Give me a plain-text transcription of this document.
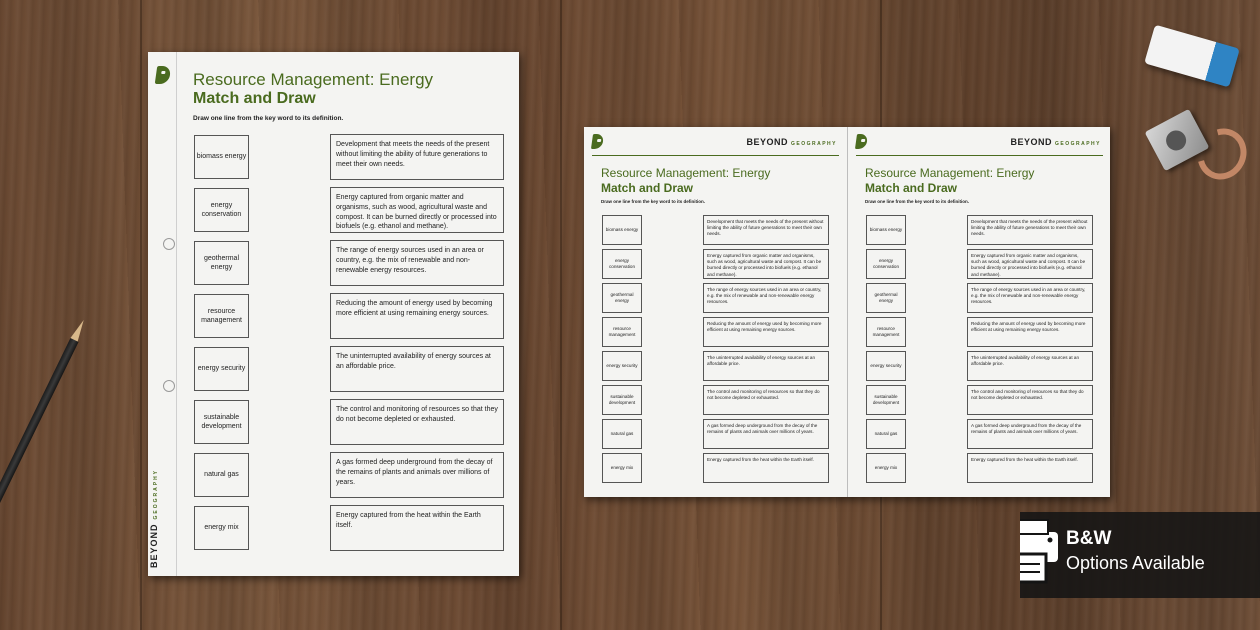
BEYONDGEOGRAPHY
Resource Management: Energy
Match and Draw
Draw one line from the key word to its definition.
biomass energy
energy conservation
geothermal energy
resource management
energy security
sustainable development
natural gas
energy mix
Development that meets the needs of the present without limiting the ability of future generations to meet their own needs.
Energy captured from organic matter and organisms, such as wood, agricultural waste and compost. It can be burned directly or processed into biofuels (e.g. ethanol and methane).
The range of energy sources used in an area or country, e.g. the mix of renewable and non-renewable energy resources.
Reducing the amount of energy used by becoming more efficient at using remaining energy sources.
The uninterrupted availability of energy sources at an affordable price.
The control and monitoring of resources so that they do not become depleted or exhausted.
A gas formed deep underground from the decay of the remains of plants and animals over millions of years.
Energy captured from the heat within the Earth itself.
BEYOND GEOGRAPHY
Resource Management: Energy
Match and Draw
Draw one line from the key word to its definition.
biomass energy
energy conservation
geothermal energy
resource management
energy security
sustainable development
natural gas
energy mix
Development that meets the needs of the present without limiting the ability of future generations to meet their own needs.
Energy captured from organic matter and organisms, such as wood, agricultural waste and compost. It can be burned directly or processed into biofuels (e.g. ethanol and methane).
The range of energy sources used in an area or country, e.g. the mix of renewable and non-renewable energy resources.
Reducing the amount of energy used by becoming more efficient at using remaining energy sources.
The uninterrupted availability of energy sources at an affordable price.
The control and monitoring of resources so that they do not become depleted or exhausted.
A gas formed deep underground from the decay of the remains of plants and animals over millions of years.
Energy captured from the heat within the Earth itself.
BEYOND GEOGRAPHY
Resource Management: Energy
Match and Draw
Draw one line from the key word to its definition.
biomass energy
energy conservation
geothermal energy
resource management
energy security
sustainable development
natural gas
energy mix
Development that meets the needs of the present without limiting the ability of future generations to meet their own needs.
Energy captured from organic matter and organisms, such as wood, agricultural waste and compost. It can be burned directly or processed into biofuels (e.g. ethanol and methane).
The range of energy sources used in an area or country, e.g. the mix of renewable and non-renewable energy resources.
Reducing the amount of energy used by becoming more efficient at using remaining energy sources.
The uninterrupted availability of energy sources at an affordable price.
The control and monitoring of resources so that they do not become depleted or exhausted.
A gas formed deep underground from the decay of the remains of plants and animals over millions of years.
Energy captured from the heat within the Earth itself.
B&W
Options Available
